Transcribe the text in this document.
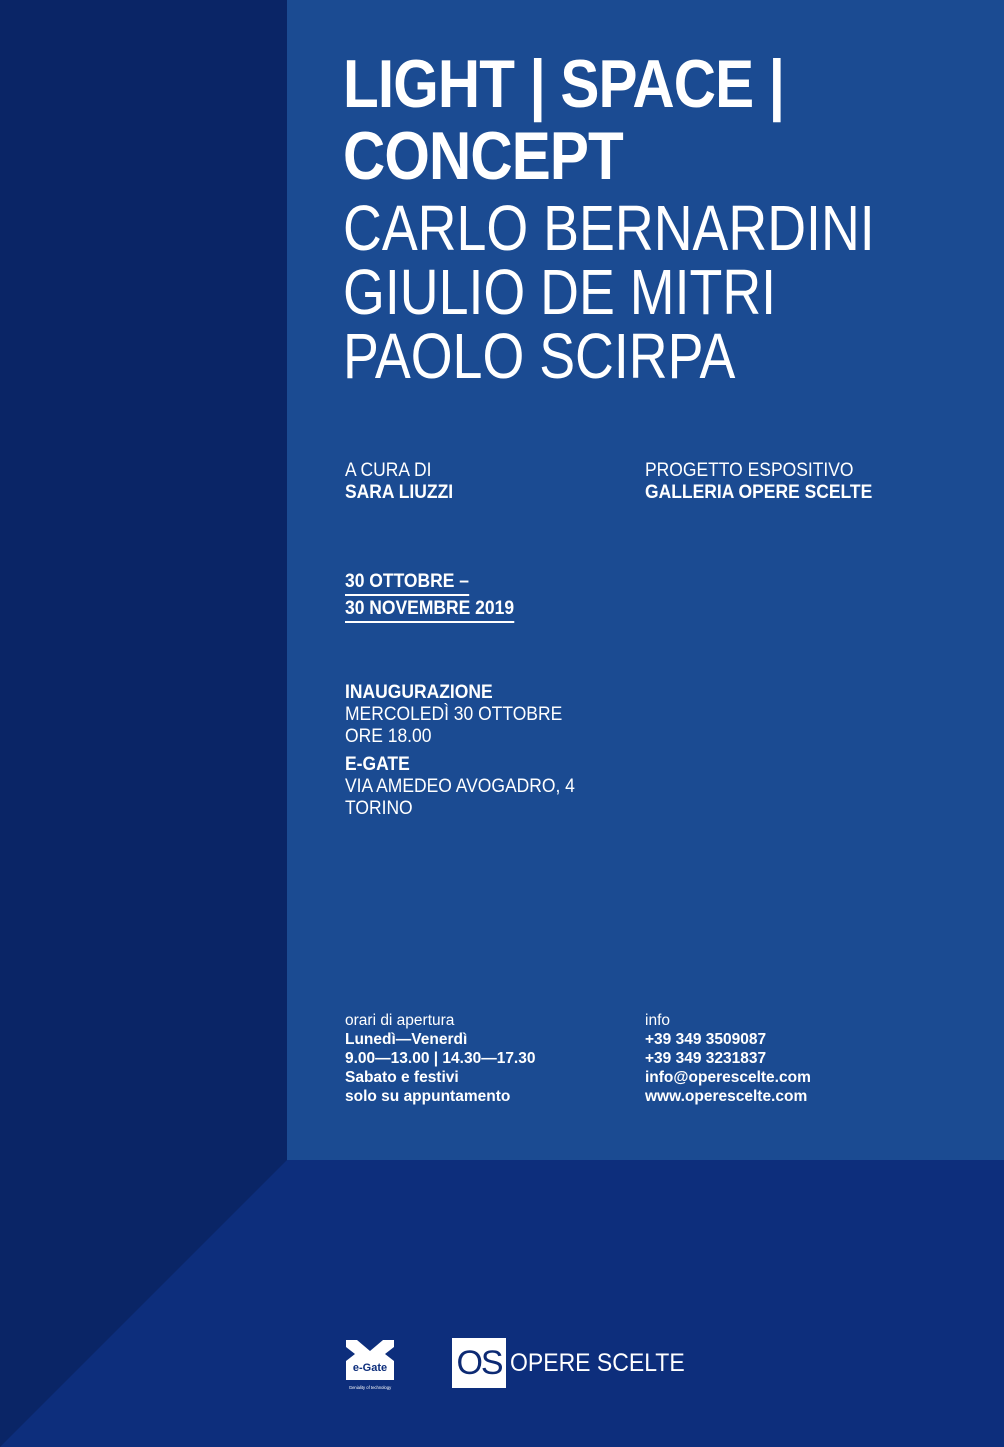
LIGHT | SPACE |
CONCEPT
CARLO BERNARDINI
GIULIO DE MITRI
PAOLO SCIRPA
A CURA DI
SARA LIUZZI
PROGETTO ESPOSITIVO
GALLERIA OPERE SCELTE
30 OTTOBRE –
30 NOVEMBRE 2019
INAUGURAZIONE
MERCOLEDÌ 30 OTTOBRE
ORE 18.00
E-GATE
VIA AMEDEO AVOGADRO, 4
TORINO
orari di apertura
Lunedì—Venerdì
9.00—13.00 | 14.30—17.30
Sabato e festivi
solo su appuntamento
info
+39 349 3509087
+39 349 3231837
info@operescelte.com
www.operescelte.com
e-Gate
Geniality of technology
OS OPERE SCELTE
